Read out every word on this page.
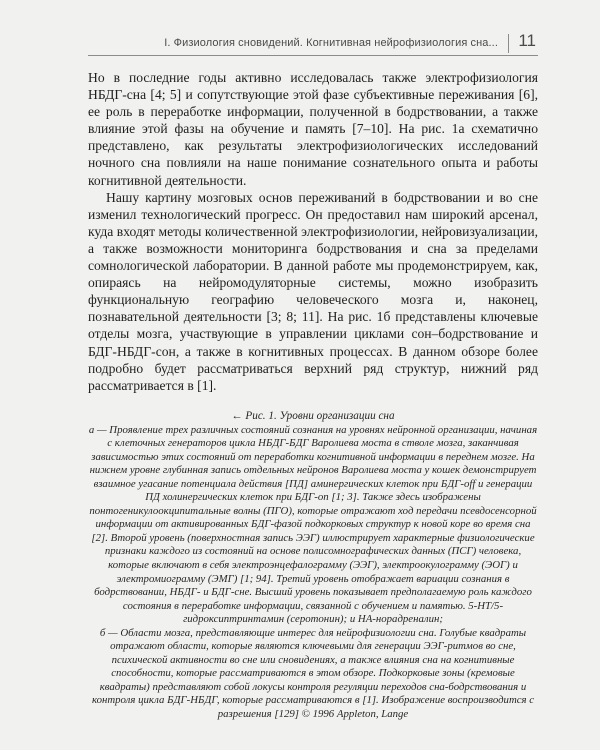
I. Физиология сновидений. Когнитивная нейрофизиология сна... 11

Но в последние годы активно исследовалась также электрофизиология НБДГ-сна [4; 5] и сопутствующие этой фазе субъективные переживания [6], ее роль в переработке информации, полученной в бодрствовании, а также влияние этой фазы на обучение и память [7–10]. На рис. 1а схематично представлено, как результаты электрофизиологических исследований ночного сна повлияли на наше понимание сознательного опыта и работы когнитивной деятельности.

Нашу картину мозговых основ переживаний в бодрствовании и во сне изменил технологический прогресс. Он предоставил нам широкий арсенал, куда входят методы количественной электрофизиологии, нейровизуализации, а также возможности мониторинга бодрствования и сна за пределами сомнологической лаборатории. В данной работе мы продемонстрируем, как, опираясь на нейромодуляторные системы, можно изобразить функциональную географию человеческого мозга и, наконец, познавательной деятельности [3; 8; 11]. На рис. 1б представлены ключевые отделы мозга, участвующие в управлении циклами сон–бодрствование и БДГ-НБДГ-сон, а также в когнитивных процессах. В данном обзоре более подробно будет рассматриваться верхний ряд структур, нижний ряд рассматривается в [1].

← Рис. 1. Уровни организации сна

а — Проявление трех различных состояний сознания на уровнях нейронной организации, начиная с клеточных генераторов цикла НБДГ-БДГ Варолиева моста в стволе мозга, заканчивая зависимостью этих состояний от переработки когнитивной информации в переднем мозге. На нижнем уровне глубинная запись отдельных нейронов Варолиева моста у кошек демонстрирует взаимное угасание потенциала действия [ПД] аминергических клеток при БДГ-off и генерации ПД холинергических клеток при БДГ-on [1; 3]. Также здесь изображены понтогеникулоокципитальные волны (ПГО), которые отражают ход передачи псевдосенсорной информации от активированных БДГ-фазой подкорковых структур к новой коре во время сна [2]. Второй уровень (поверхностная запись ЭЭГ) иллюстрирует характерные физиологические признаки каждого из состояний на основе полисомнографических данных (ПСГ) человека, которые включают в себя электроэнцефалограмму (ЭЭГ), электроокулограмму (ЭОГ) и электромиограмму (ЭМГ) [1; 94]. Третий уровень отображает вариации сознания в бодрствовании, НБДГ- и БДГ-сне. Высший уровень показывает предполагаемую роль каждого состояния в переработке информации, связанной с обучением и памятью. 5-НТ/5-гидроксиптринтамин (серотонин); и НА-норадреналин;

б — Области мозга, представляющие интерес для нейрофизиологии сна. Голубые квадраты отражают области, которые являются ключевыми для генерации ЭЭГ-ритмов во сне, психической активности во сне или сновидениях, а также влияния сна на когнитивные способности, которые рассматриваются в этом обзоре. Подкорковые зоны (кремовые квадраты) представляют собой локусы контроля регуляции переходов сна-бодрствования и контроля цикла БДГ-НБДГ, которые рассматриваются в [1]. Изображение воспроизводится с разрешения [129] © 1996 Appleton, Lange
